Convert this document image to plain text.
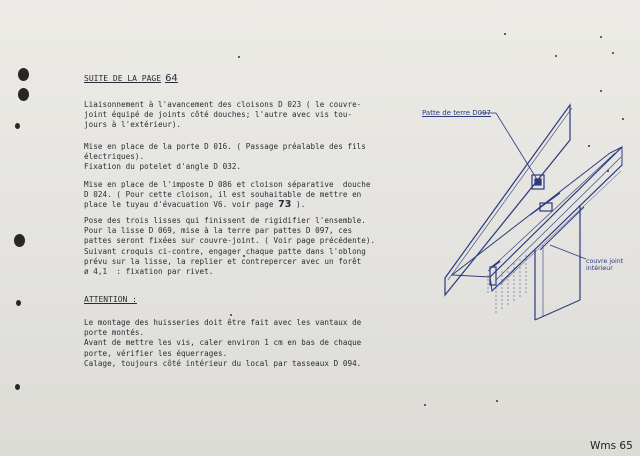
SUITE DE LA PAGE 64
Liaisonnement à l'avancement des cloisons D 023 ( le couvre-
joint équipé de joints côté douches; l'autre avec vis tou-
jours à l'extérieur).
Mise en place de la porte D 016. ( Passage préalable des fils
électriques).
Fixation du potelet d'angle D 032.
Mise en place de l'imposte D 086 et cloison séparative  douche
D 024. ( Pour cette cloison, il est souhaitable de mettre en
place le tuyau d'évacuation V6. voir page 73 ).
Pose des trois lisses qui finissent de rigidifier l'ensemble.
Pour la lisse D 069, mise à la terre par pattes D 097, ces
pattes seront fixées sur couvre-joint. ( Voir page précédente).
Suivant croquis ci-contre, engager chaque patte dans l'oblong
prévu sur la lisse, la replier et contrepercer avec un forêt
ø 4,1  : fixation par rivet.
ATTENTION :
Le montage des huisseries doit être fait avec les vantaux de
porte montés.
Avant de mettre les vis, caler environ 1 cm en bas de chaque
porte, vérifier les équerrages.
Calage, toujours côté intérieur du local par tasseaux D 094.
Patte de terre D097
couvre joint
intérieur
Wms 65
